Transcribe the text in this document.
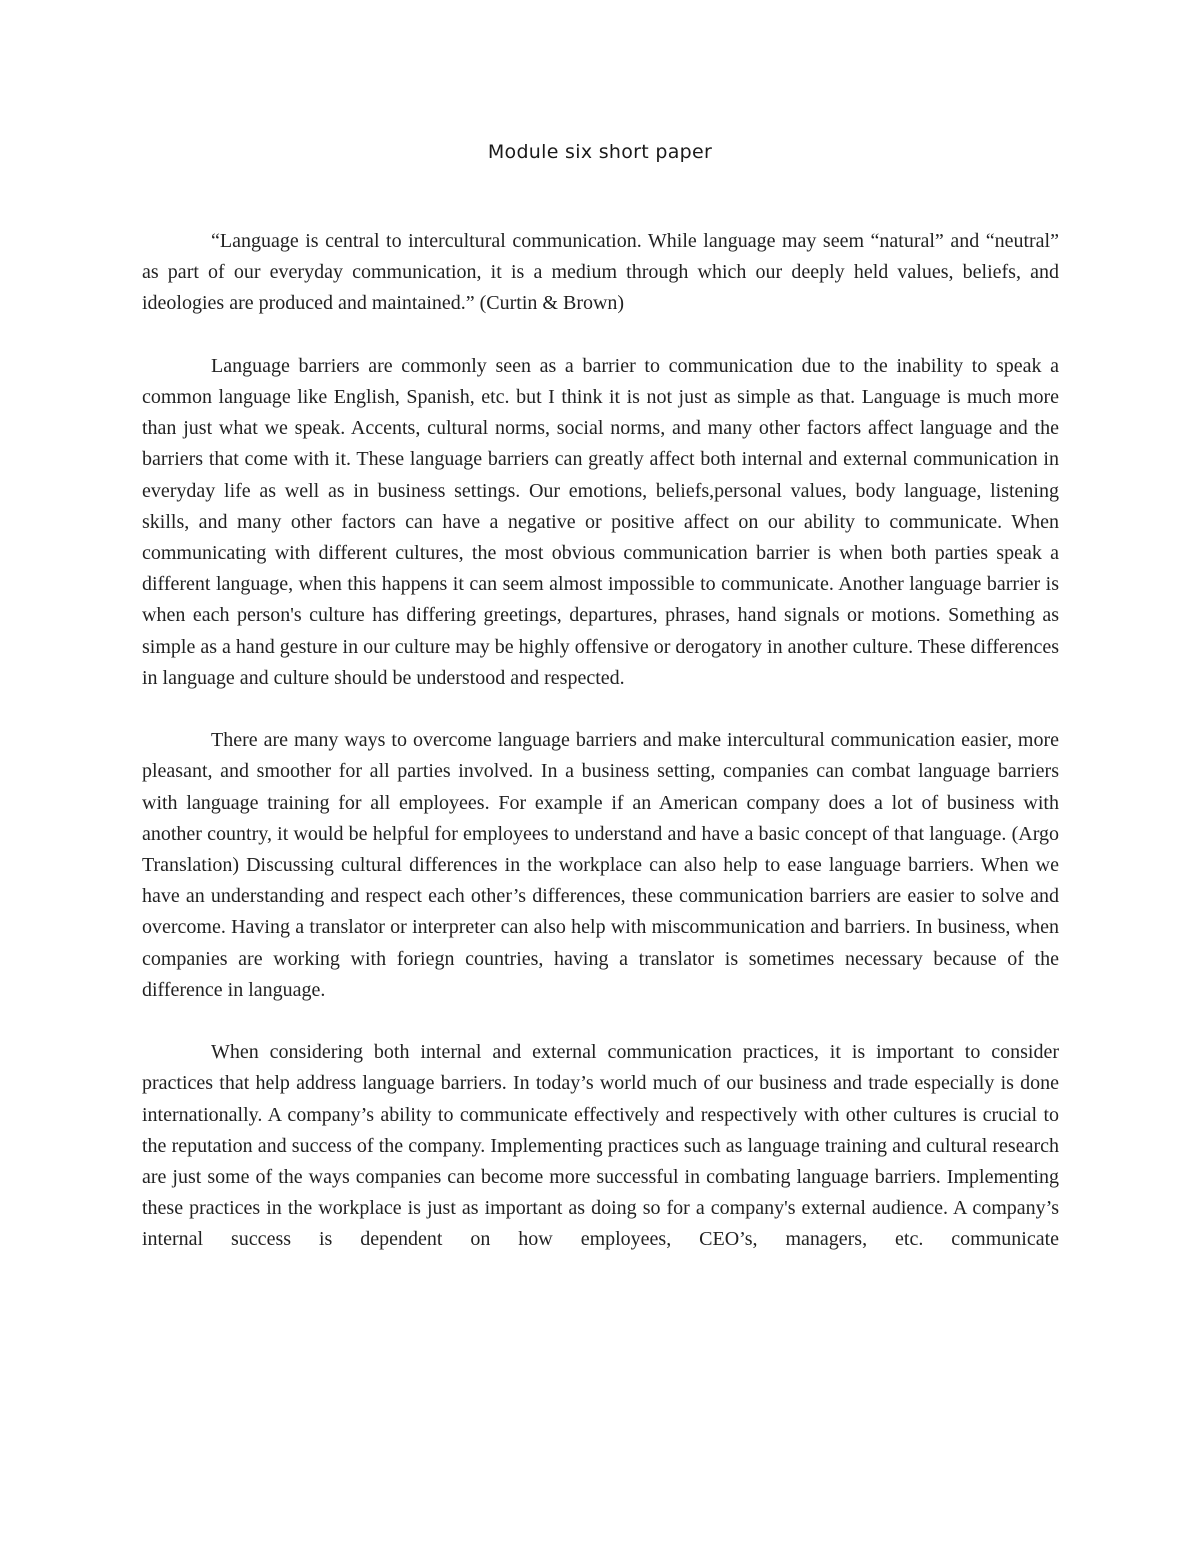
Module six short paper

“Language is central to intercultural communication. While language may seem “natural” and “neutral” as part of our everyday communication, it is a medium through which our deeply held values, beliefs, and ideologies are produced and maintained.” (Curtin & Brown)

Language barriers are commonly seen as a barrier to communication due to the inability to speak a common language like English, Spanish, etc. but I think it is not just as simple as that. Language is much more than just what we speak. Accents, cultural norms, social norms, and many other factors affect language and the barriers that come with it. These language barriers can greatly affect both internal and external communication in everyday life as well as in business settings. Our emotions, beliefs,personal values, body language, listening skills, and many other factors can have a negative or positive affect on our ability to communicate. When communicating with different cultures, the most obvious communication barrier is when both parties speak a different language, when this happens it can seem almost impossible to communicate. Another language barrier is when each person's culture has differing greetings, departures, phrases, hand signals or motions. Something as simple as a hand gesture in our culture may be highly offensive or derogatory in another culture. These differences in language and culture should be understood and respected.

There are many ways to overcome language barriers and make intercultural communication easier, more pleasant, and smoother for all parties involved. In a business setting, companies can combat language barriers with language training for all employees. For example if an American company does a lot of business with another country, it would be helpful for employees to understand and have a basic concept of that language. (Argo Translation) Discussing cultural differences in the workplace can also help to ease language barriers. When we have an understanding and respect each other’s differences, these communication barriers are easier to solve and overcome. Having a translator or interpreter can also help with miscommunication and barriers. In business, when companies are working with foriegn countries, having a translator is sometimes necessary because of the difference in language.

When considering both internal and external communication practices, it is important to consider practices that help address language barriers. In today’s world much of our business and trade especially is done internationally. A company’s ability to communicate effectively and respectively with other cultures is crucial to the reputation and success of the company. Implementing practices such as language training and cultural research are just some of the ways companies can become more successful in combating language barriers. Implementing these practices in the workplace is just as important as doing so for a company's external audience. A company’s internal success is dependent on how employees, CEO’s, managers, etc. communicate
